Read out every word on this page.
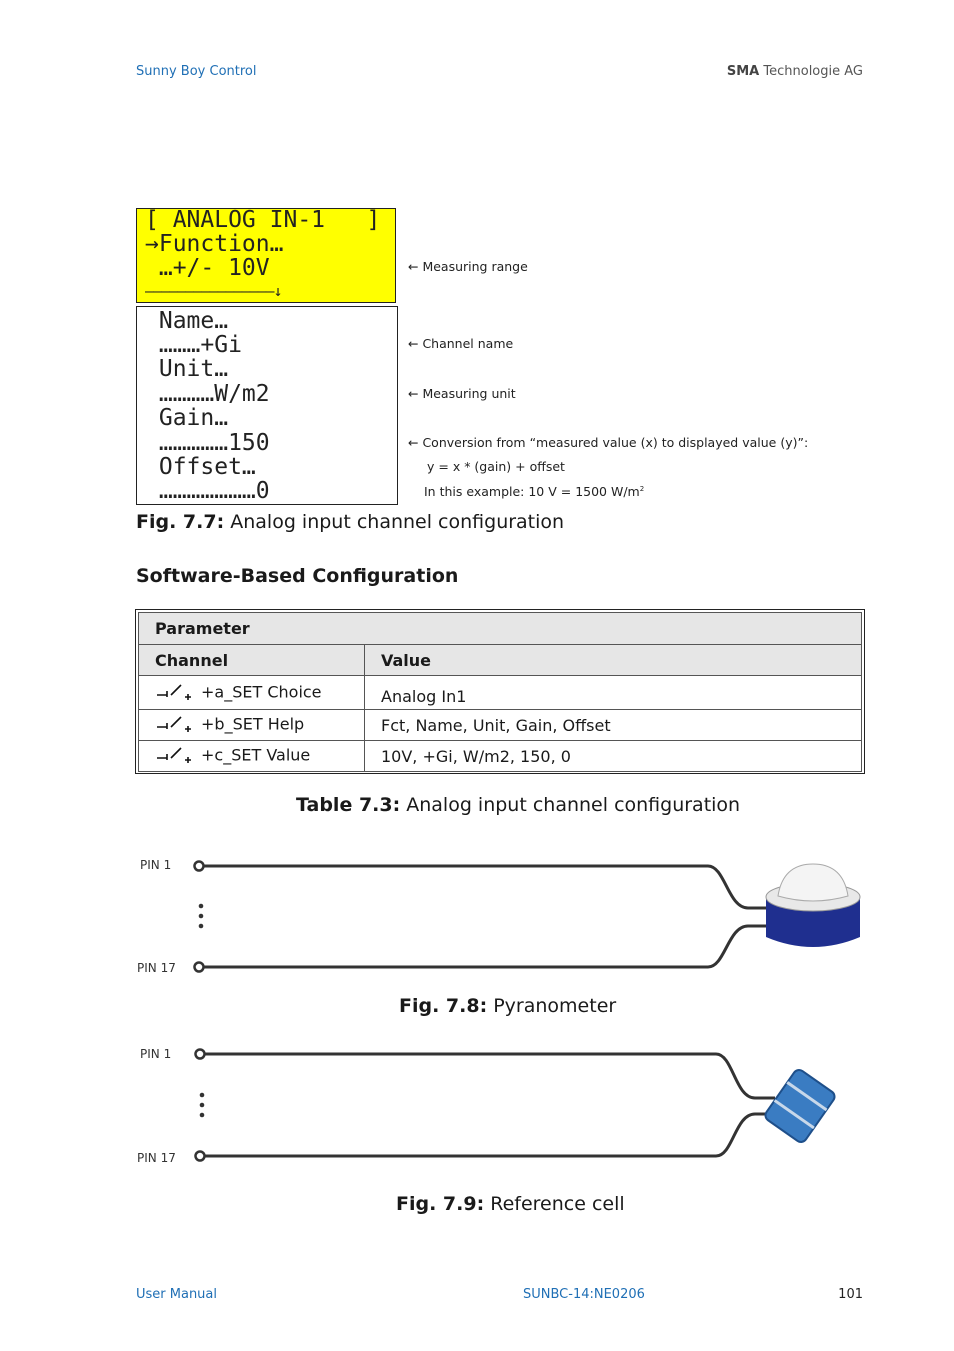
Sunny Boy Control	SMA Technologie AG
[ ANALOG IN-1   ]
→Function…
…+/- 10V
――――――――――――――――↓
Name…
………+Gi
Unit…
…………W/m2
Gain…
……………150
Offset…
…………………0
← Measuring range
← Channel name
← Measuring unit
← Conversion from “measured value (x) to displayed value (y)”:
y = x * (gain) + offset
In this example: 10 V = 1500 $W/m^2$
Fig. 7.7: Analog input channel configuration
Software-Based Configuration
Parameter	
Channel	Value
+a_SET Choice	Analog In1
+b_SET Help	Fct, Name, Unit, Gain, Offset
+c_SET Value	10V, +Gi, W/m2, 150, 0
Table 7.3: Analog input channel configuration
PIN 1
PIN 17
Fig. 7.8: Pyranometer
PIN 1
PIN 17
Fig. 7.9: Reference cell
User Manual	SUNBC-14:NE0206	101
